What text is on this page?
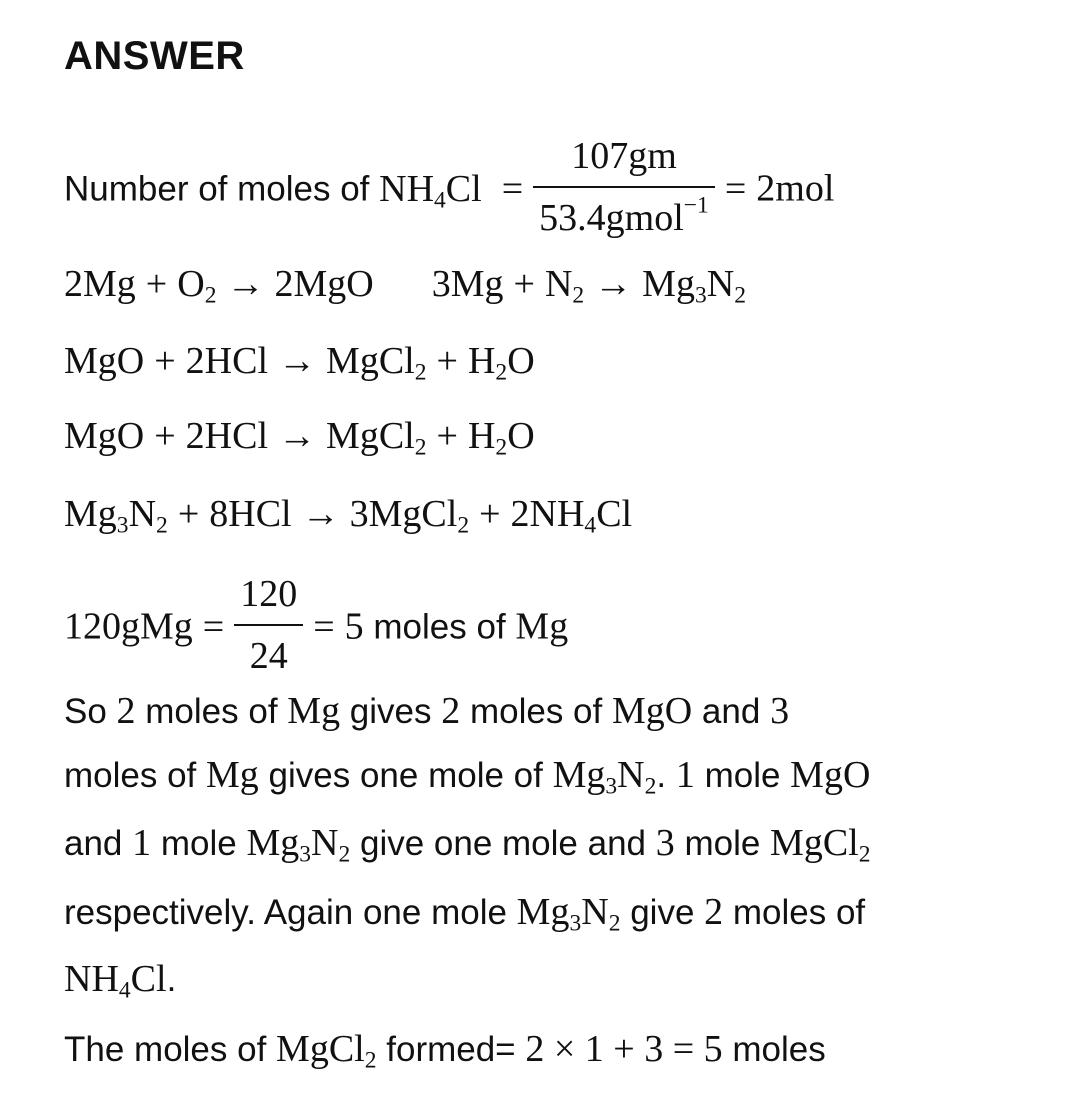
ANSWER
Number of moles of $NH_4Cl = \frac{107gm}{53.4gmol^{-1}} = 2mol$
$2Mg + O_2 \to 2MgO$ $3Mg + N_2 \to Mg_3N_2$
MgO + 2HCl → MgCl$_2$ + $H_2O$
MgO + 2HCl → MgCl$_2$ + $H_2O$
$Mg_3N_2 + 8HCl$ → 3MgCl$_2$ + $2NH_4Cl$
$120gMg = \frac{120}{24} = 5$ moles of Mg
So 2 moles of Mg gives 2 moles of MgO and 3
moles of Mg gives one mole of $Mg_3N_2$. 1 mole MgO
and 1 mole $Mg_3N_2$ give one mole and 3 mole MgCl$_2$
respectively. Again one mole $Mg_3N_2$ give 2 moles of
$NH_4Cl$.
The moles of MgCl$_2$ formed= 2 × 1 + 3 = 5 moles
